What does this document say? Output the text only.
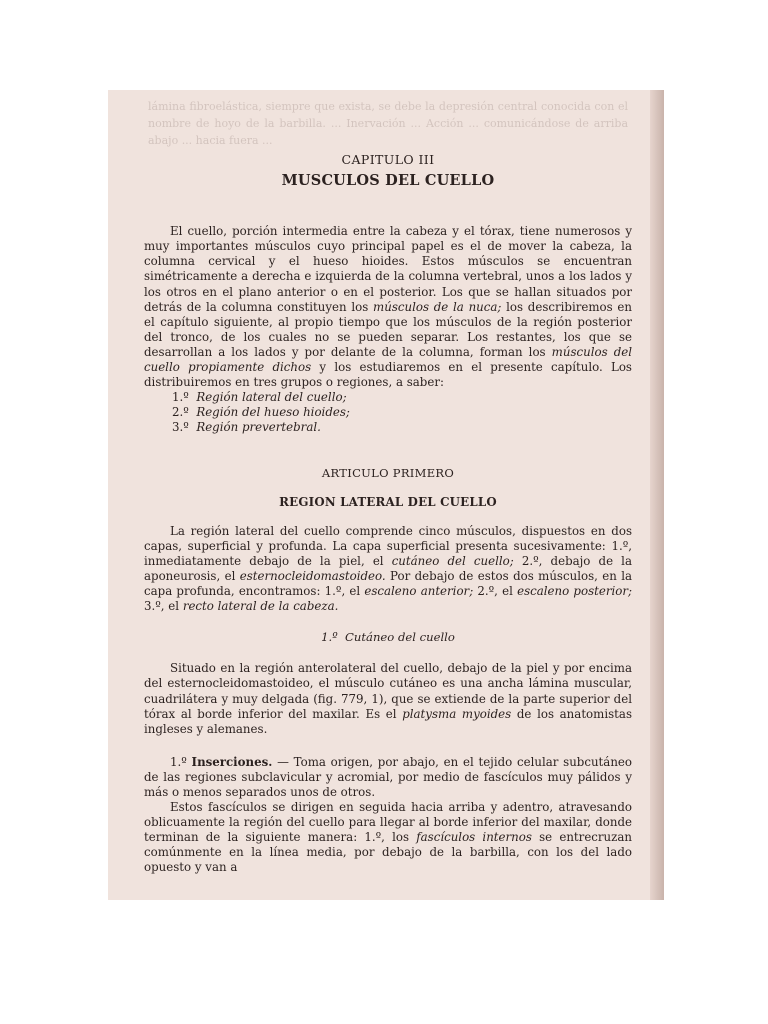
lámina fibroelástica, siempre que exista, se debe la depresión central conocida con el nombre de hoyo de la barbilla. ... Inervación ... Acción ... comunicándose de arriba abajo ... hacia fuera ...

CAPITULO III

MUSCULOS DEL CUELLO

El cuello, porción intermedia entre la cabeza y el tórax, tiene numerosos y muy importantes músculos cuyo principal papel es el de mover la cabeza, la columna cervical y el hueso hioides. Estos músculos se encuentran simétricamente a derecha e izquierda de la columna vertebral, unos a los lados y los otros en el plano anterior o en el posterior. Los que se hallan situados por detrás de la columna constituyen los músculos de la nuca; los describiremos en el capítulo siguiente, al propio tiempo que los músculos de la región posterior del tronco, de los cuales no se pueden separar. Los restantes, los que se desarrollan a los lados y por delante de la columna, forman los músculos del cuello propiamente dichos y los estudiaremos en el presente capítulo. Los distribuiremos en tres grupos o regiones, a saber:

1.º Región lateral del cuello;
2.º Región del hueso hioides;
3.º Región prevertebral.

ARTICULO PRIMERO

REGION LATERAL DEL CUELLO

La región lateral del cuello comprende cinco músculos, dispuestos en dos capas, superficial y profunda. La capa superficial presenta sucesivamente: 1.º, inmediatamente debajo de la piel, el cutáneo del cuello; 2.º, debajo de la aponeurosis, el esternocleidomastoideo. Por debajo de estos dos músculos, en la capa profunda, encontramos: 1.º, el escaleno anterior; 2.º, el escaleno posterior; 3.º, el recto lateral de la cabeza.

1.º Cutáneo del cuello

Situado en la región anterolateral del cuello, debajo de la piel y por encima del esternocleidomastoideo, el músculo cutáneo es una ancha lámina muscular, cuadrilátera y muy delgada (fig. 779, 1), que se extiende de la parte superior del tórax al borde inferior del maxilar. Es el platysma myoides de los anatomistas ingleses y alemanes.

1.º Inserciones. — Toma origen, por abajo, en el tejido celular subcutáneo de las regiones subclavicular y acromial, por medio de fascículos muy pálidos y más o menos separados unos de otros.

Estos fascículos se dirigen en seguida hacia arriba y adentro, atravesando oblicuamente la región del cuello para llegar al borde inferior del maxilar, donde terminan de la siguiente manera: 1.º, los fascículos internos se entrecruzan comúnmente en la línea media, por debajo de la barbilla, con los del lado opuesto y van a
